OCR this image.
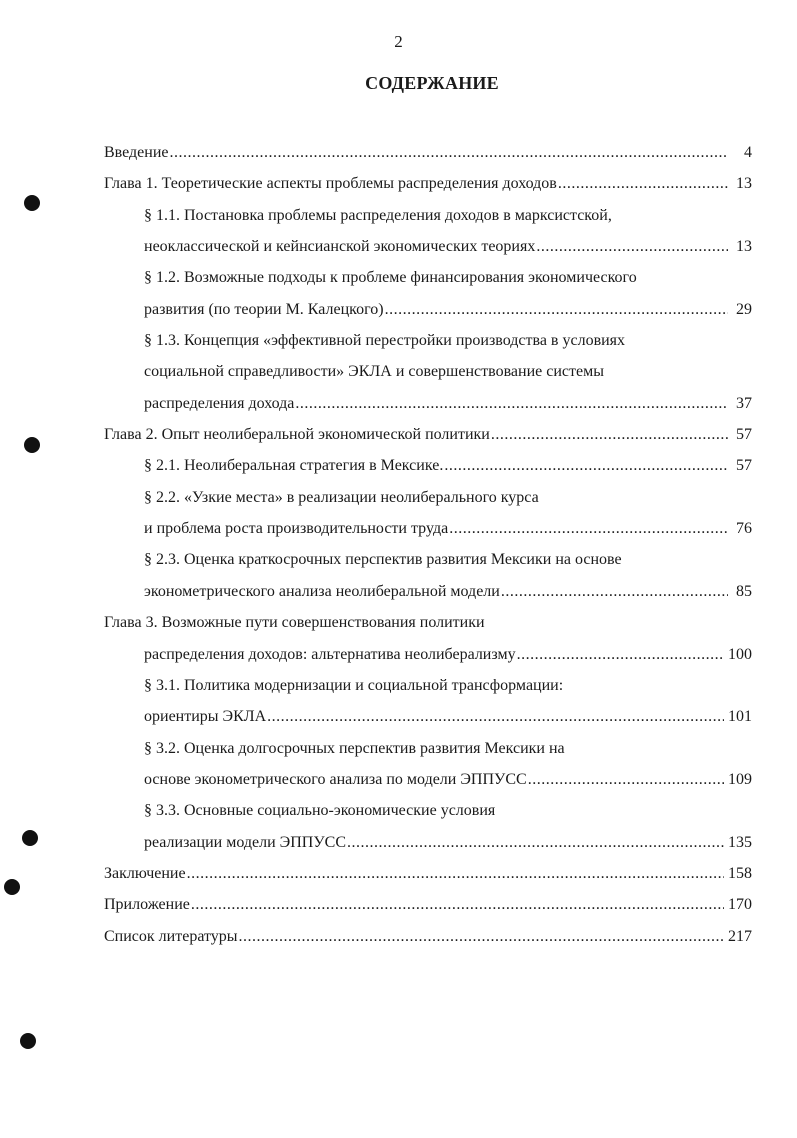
2
СОДЕРЖАНИЕ
Введение .....	4
Глава 1. Теоретические аспекты проблемы распределения доходов .....	13
§ 1.1. Постановка проблемы распределения доходов в марксистской,
неоклассической и кейнсианской экономических теориях .....	13
§ 1.2. Возможные подходы к проблеме финансирования экономического
развития (по теории М. Калецкого) .....	29
§ 1.3. Концепция «эффективной перестройки производства в условиях
социальной справедливости» ЭКЛА и совершенствование системы
распределения дохода .....	37
Глава 2. Опыт неолиберальной экономической политики .....	57
§ 2.1. Неолиберальная стратегия в Мексике. .....	57
§ 2.2. «Узкие места» в реализации неолиберального курса
и проблема роста производительности труда .....	76
§ 2.3. Оценка краткосрочных перспектив развития Мексики на основе
эконометрического анализа неолиберальной модели .....	85
Глава 3. Возможные пути совершенствования политики
распределения доходов: альтернатива неолиберализму .....	100
§ 3.1. Политика модернизации и социальной трансформации:
ориентиры ЭКЛА .....	101
§ 3.2. Оценка долгосрочных перспектив развития Мексики на
основе эконометрического анализа по модели ЭППУСС .....	109
§ 3.3. Основные социально-экономические условия
реализации модели ЭППУСС .....	135
Заключение .....	158
Приложение .....	170
Список литературы .....	217
